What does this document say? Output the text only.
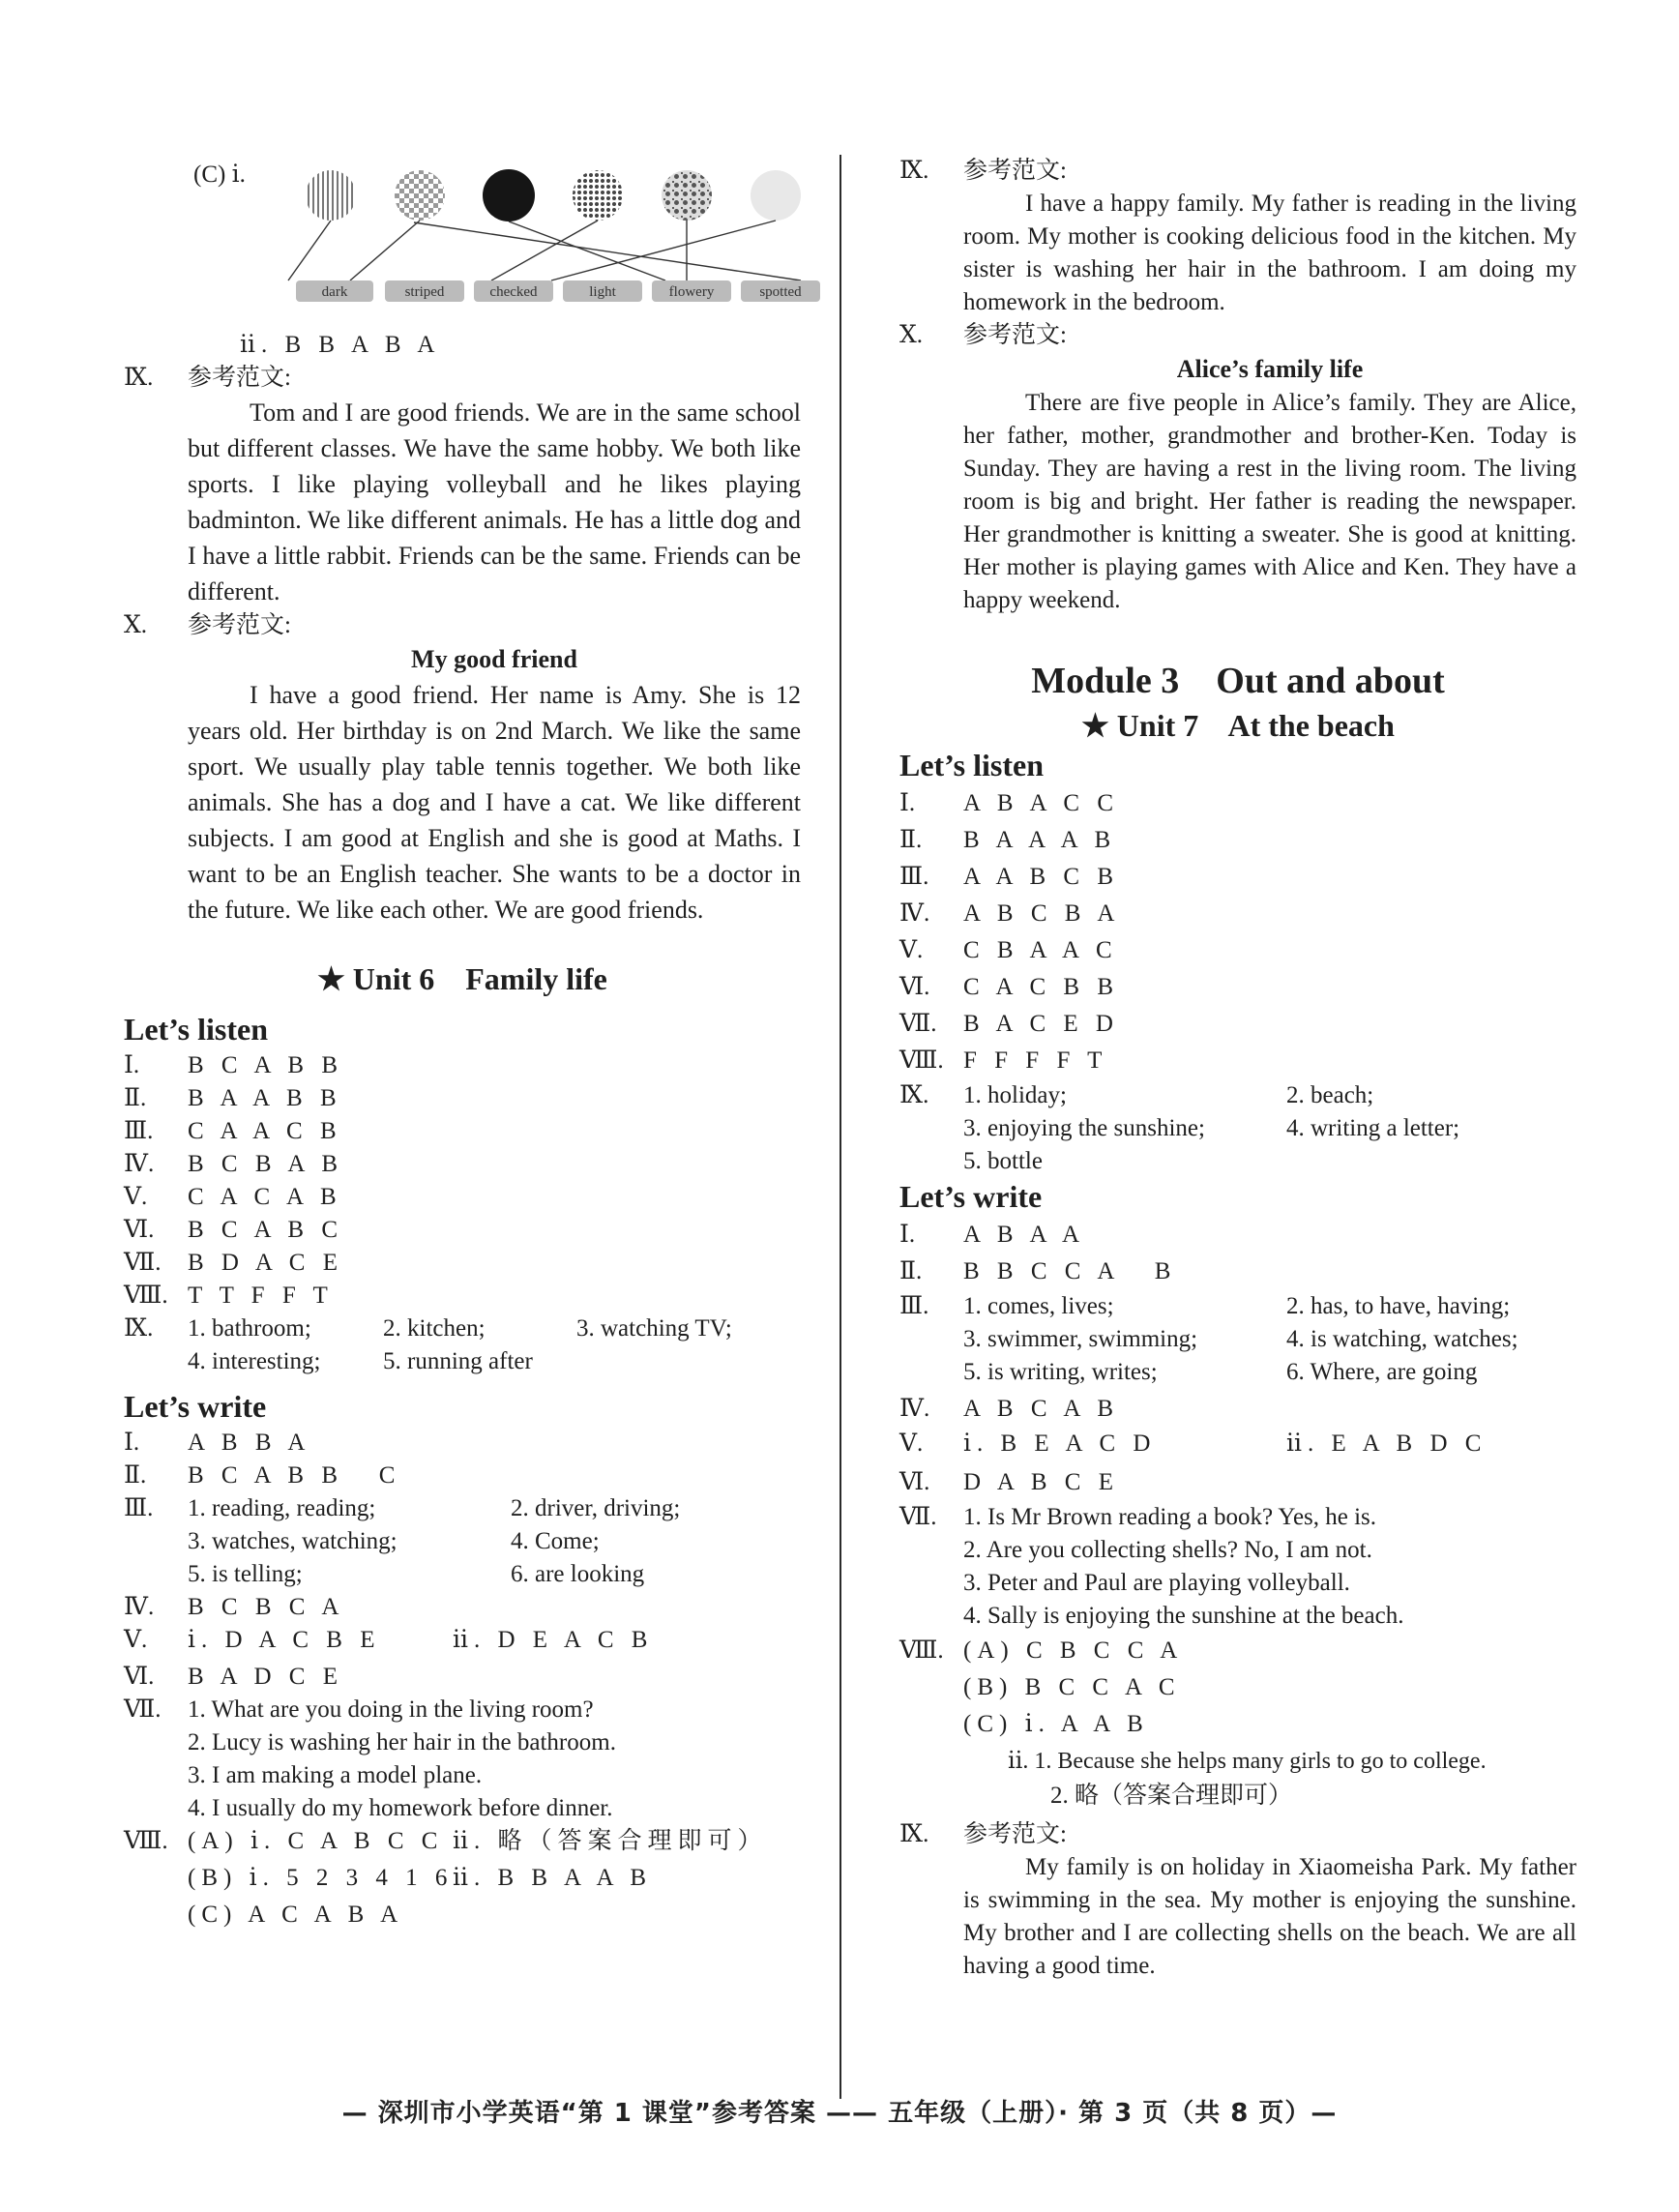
(C) ⅰ.
dark	striped	checked	light	flowery	spotted
ⅱ. B B A B A
Ⅸ. 参考范文:
Tom and I are good friends. We are in the same school but different classes. We have the same hobby. We both like sports. I like playing volleyball and he likes playing badminton. We like different animals. He has a little dog and I have a little rabbit. Friends can be the same. Friends can be different.
Ⅹ. 参考范文:
My good friend
I have a good friend. Her name is Amy. She is 12 years old. Her birthday is on 2nd March. We like the same sport. We usually play table tennis together. We both like animals. She has a dog and I have a cat. We like different subjects. I am good at English and she is good at Maths. I want to be an English teacher. She wants to be a doctor in the future. We like each other. We are good friends.
★ Unit 6    Family life
Let’s listen
Ⅰ. B C A B B
Ⅱ. B A A B B
Ⅲ. C A A C B
Ⅳ. B C B A B
Ⅴ. C A C A B
Ⅵ. B C A B C
Ⅶ. B D A C E
Ⅷ. T T F F T
Ⅸ. 1. bathroom;	2. kitchen;	3. watching TV;
4. interesting;	5. running after
Let’s write
Ⅰ. A B B A
Ⅱ. B C A B B   C
Ⅲ. 1. reading, reading;	2. driver, driving;
3. watches, watching;	4. Come;
5. is telling;	6. are looking
Ⅳ. B C B C A
Ⅴ. ⅰ. D A C B E	ⅱ. D E A C B
Ⅵ. B A D C E
Ⅶ. 1. What are you doing in the living room?
2. Lucy is washing her hair in the bathroom.
3. I am making a model plane.
4. I usually do my homework before dinner.
Ⅷ. (A) ⅰ. C A B C C ⅱ. 略（答案合理即可）
(B) ⅰ. 5 2 3 4 1 6 ⅱ. B B A A B
(C) A C A B A
Ⅸ. 参考范文:
I have a happy family. My father is reading in the living room. My mother is cooking delicious food in the kitchen. My sister is washing her hair in the bathroom. I am doing my homework in the bedroom.
Ⅹ. 参考范文:
Alice’s family life
There are five people in Alice’s family. They are Alice, her father, mother, grandmother and brother-Ken. Today is Sunday. They are having a rest in the living room. The living room is big and bright. Her father is reading the newspaper. Her grandmother is knitting a sweater. She is good at knitting. Her mother is playing games with Alice and Ken. They have a happy weekend.
Module 3    Out and about
★ Unit 7    At the beach
Let’s listen
Ⅰ. A B A C C
Ⅱ. B A A A B
Ⅲ. A A B C B
Ⅳ. A B C B A
Ⅴ. C B A A C
Ⅵ. C A C B B
Ⅶ. B A C E D
Ⅷ. F F F F T
Ⅸ. 1. holiday;	2. beach;
3. enjoying the sunshine;	4. writing a letter;
5. bottle
Let’s write
Ⅰ. A B A A
Ⅱ. B B C C A   B
Ⅲ. 1. comes, lives;	2. has, to have, having;
3. swimmer, swimming;	4. is watching, watches;
5. is writing, writes;	6. Where, are going
Ⅳ. A B C A B
Ⅴ. ⅰ. B E A C D	ⅱ. E A B D C
Ⅵ. D A B C E
Ⅶ. 1. Is Mr Brown reading a book? Yes, he is.
2. Are you collecting shells? No, I am not.
3. Peter and Paul are playing volleyball.
4. Sally is enjoying the sunshine at the beach.
Ⅷ. (A) C B C C A
(B) B C C A C
(C) ⅰ. A A B
ⅱ. 1. Because she helps many girls to go to college.
2. 略（答案合理即可）
Ⅸ. 参考范文:
My family is on holiday in Xiaomeisha Park. My father is swimming in the sea. My mother is enjoying the sunshine. My brother and I are collecting shells on the beach. We are all having a good time.
— 深圳市小学英语“第 1 课堂”参考答案 —— 五年级（上册）· 第 3 页（共 8 页）—
